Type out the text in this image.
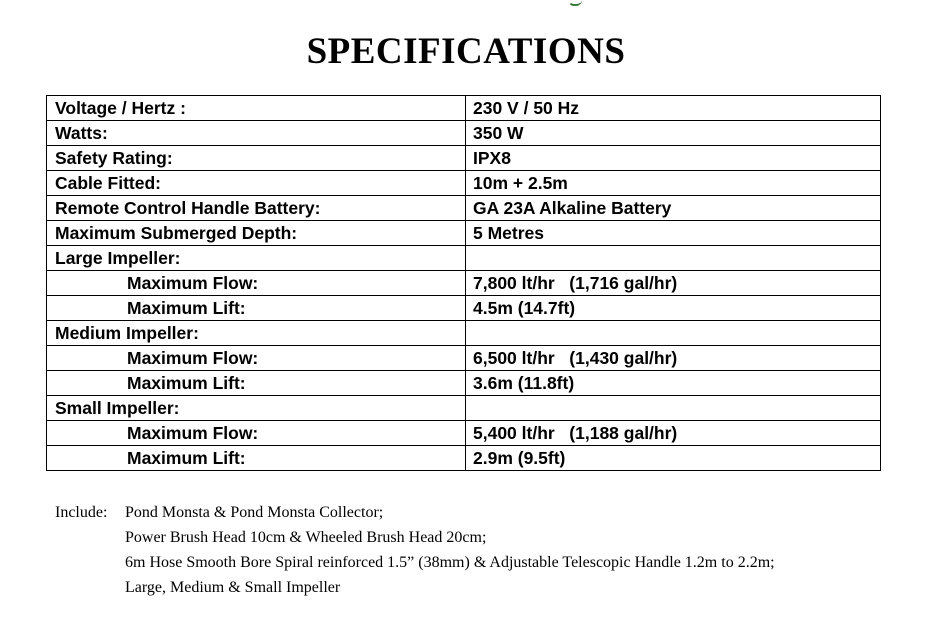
SPECIFICATIONS
Voltage / Hertz :	230 V / 50 Hz
Watts:	350 W
Safety Rating:	IPX8
Cable Fitted:	10m + 2.5m
Remote Control Handle Battery:	GA 23A Alkaline Battery
Maximum Submerged Depth:	5 Metres
Large Impeller:	
Maximum Flow:	7,800 lt/hr   (1,716 gal/hr)
Maximum Lift:	4.5m (14.7ft)
Medium Impeller:	
Maximum Flow:	6,500 lt/hr   (1,430 gal/hr)
Maximum Lift:	3.6m (11.8ft)
Small Impeller:	
Maximum Flow:	5,400 lt/hr   (1,188 gal/hr)
Maximum Lift:	2.9m (9.5ft)
Include:	Pond Monsta & Pond Monsta Collector;
Power Brush Head 10cm & Wheeled Brush Head 20cm;
6m Hose Smooth Bore Spiral reinforced 1.5” (38mm) & Adjustable Telescopic Handle 1.2m to 2.2m;
Large, Medium & Small Impeller
